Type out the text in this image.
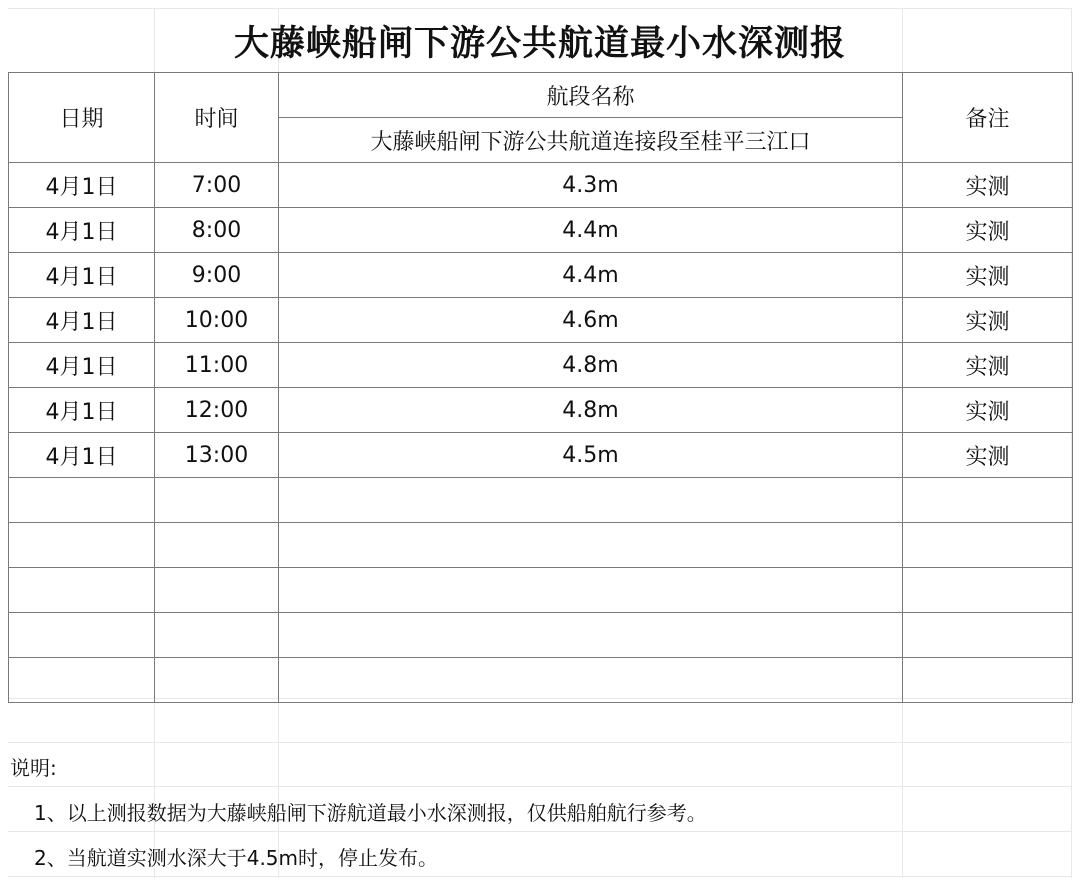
大藤峡船闸下游公共航道最小水深测报
日期	时间	航段名称	备注
		大藤峡船闸下游公共航道连接段至桂平三江口	
4月1日	7:00	4.3m	实测
4月1日	8:00	4.4m	实测
4月1日	9:00	4.4m	实测
4月1日	10:00	4.6m	实测
4月1日	11:00	4.8m	实测
4月1日	12:00	4.8m	实测
4月1日	13:00	4.5m	实测

说明:
1、以上测报数据为大藤峡船闸下游航道最小水深测报，仅供船舶航行参考。
2、当航道实测水深大于4.5m时，停止发布。
